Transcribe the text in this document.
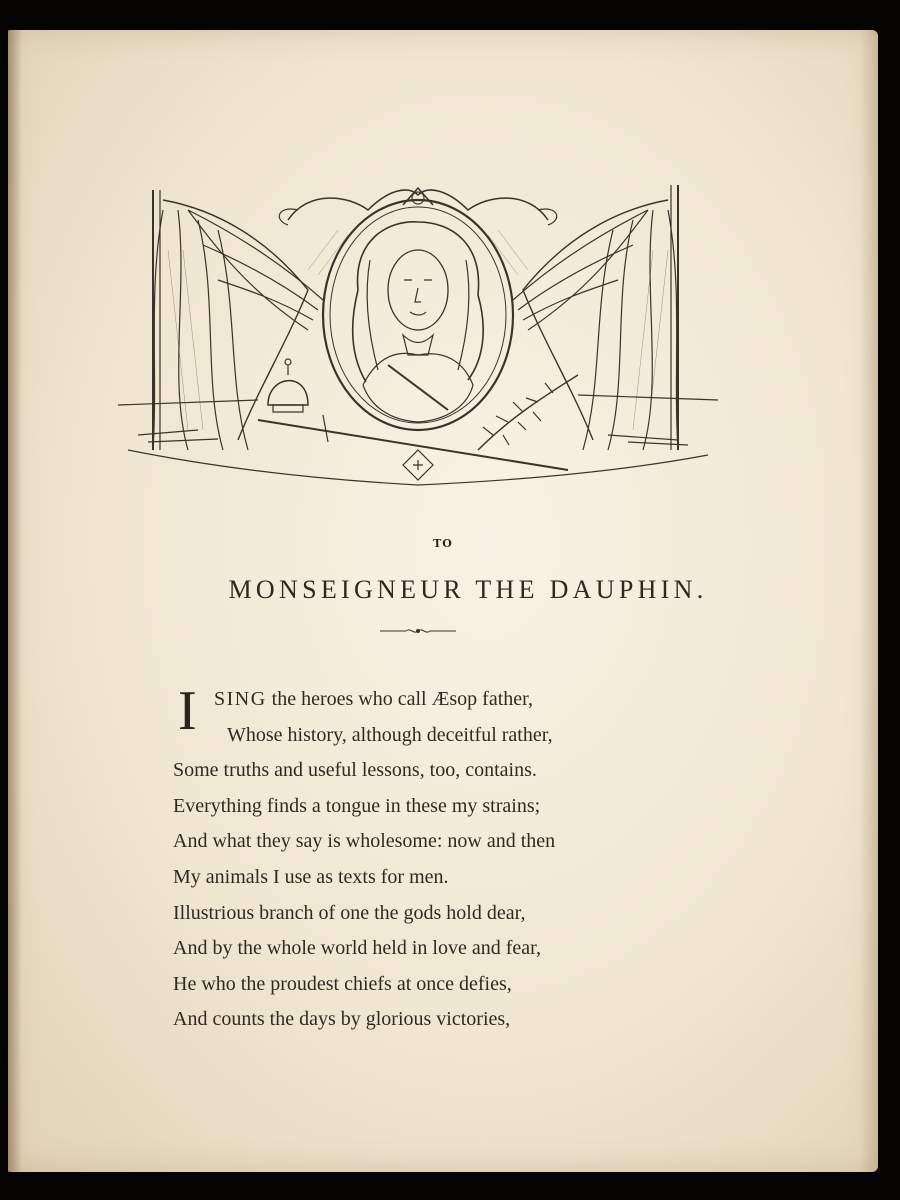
TO
MONSEIGNEUR THE DAUPHIN.
I SING the heroes who call Æsop father,
Whose history, although deceitful rather,
Some truths and useful lessons, too, contains.
Everything finds a tongue in these my strains;
And what they say is wholesome: now and then
My animals I use as texts for men.
Illustrious branch of one the gods hold dear,
And by the whole world held in love and fear,
He who the proudest chiefs at once defies,
And counts the days by glorious victories,
